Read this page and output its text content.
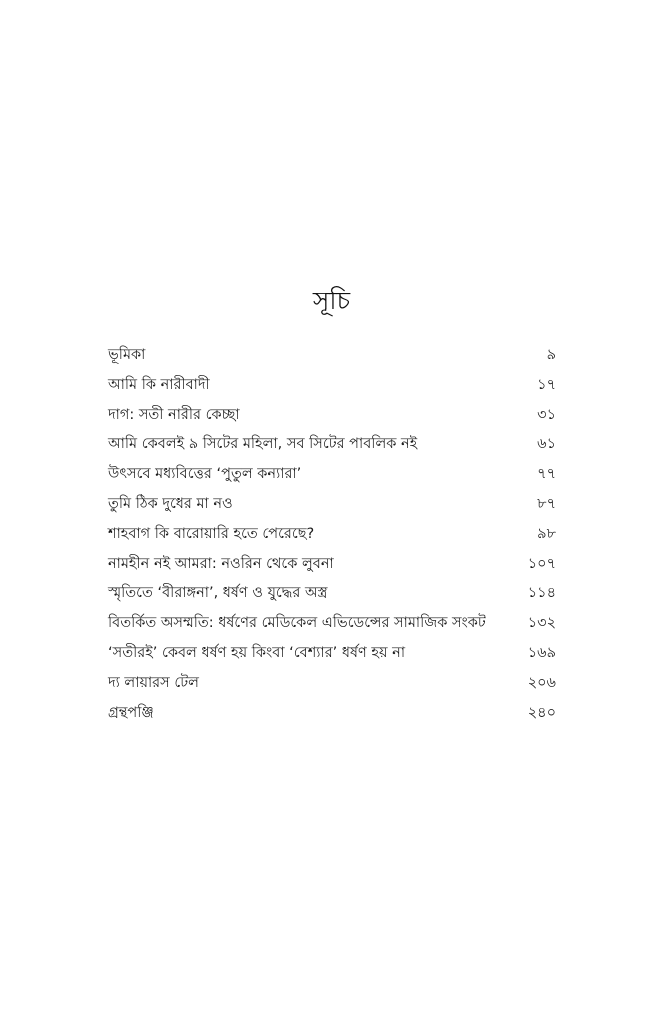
সূচি
ভূমিকা	৯
আমি কি নারীবাদী	১৭
দাগ: সতী নারীর কেচ্ছা	৩১
আমি কেবলই ৯ সিটের মহিলা, সব সিটের পাবলিক নই	৬১
উৎসবে মধ্যবিত্তের ‘পুতুল কন্যারা’	৭৭
তুমি ঠিক দুধের মা নও	৮৭
শাহবাগ কি বারোয়ারি হতে পেরেছে?	৯৮
নামহীন নই আমরা: নওরিন থেকে লুবনা	১০৭
স্মৃতিতে ‘বীরাঙ্গনা’, ধর্ষণ ও যুদ্ধের অস্ত্র	১১৪
বিতর্কিত অসম্মতি: ধর্ষণের মেডিকেল এভিডেন্সের সামাজিক সংকট	১৩২
‘সতীরই’ কেবল ধর্ষণ হয় কিংবা ‘বেশ্যার’ ধর্ষণ হয় না	১৬৯
দ্য লায়ারস টেল	২০৬
গ্রন্থপঞ্জি	২৪০
